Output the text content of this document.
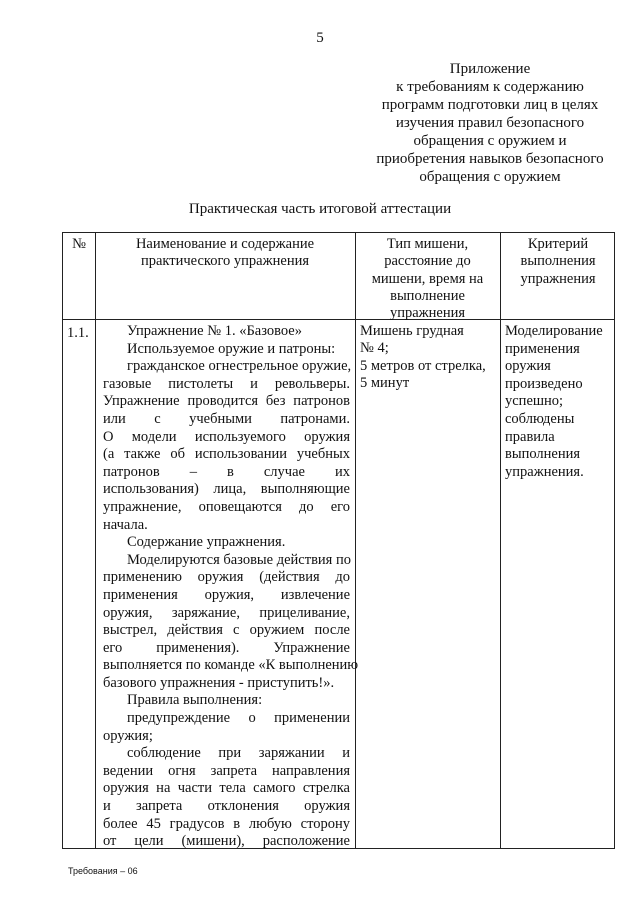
5
Приложение
к требованиям к содержанию
программ подготовки лиц в целях
изучения правил безопасного
обращения с оружием и
приобретения навыков безопасного
обращения с оружием
Практическая часть итоговой аттестации
№	Наименование и содержание
практического упражнения
Тип мишени,
расстояние до
мишени, время на
выполнение
упражнения
Критерий
выполнения
упражнения
1.1.	Упражнение № 1. «Базовое»
Используемое оружие и патроны:
гражданское огнестрельное оружие,
газовые пистолеты и револьверы.
Упражнение проводится без патронов
или с учебными патронами.
О модели используемого оружия
(а также об использовании учебных
патронов – в случае их
использования) лица, выполняющие
упражнение, оповещаются до его
начала.
Содержание упражнения.
Моделируются базовые действия по
применению оружия (действия до
применения оружия, извлечение
оружия, заряжание, прицеливание,
выстрел, действия с оружием после
его применения). Упражнение
выполняется по команде «К выполнению
базового упражнения - приступить!».
Правила выполнения:
предупреждение о применении
оружия;
соблюдение при заряжании и
ведении огня запрета направления
оружия на части тела самого стрелка
и запрета отклонения оружия
более 45 градусов в любую сторону
от цели (мишени), расположение
Мишень грудная
№ 4;
5 метров от стрелка,
5 минут
Моделирование
применения
оружия
произведено
успешно;
соблюдены
правила
выполнения
упражнения.
Требования – 06
